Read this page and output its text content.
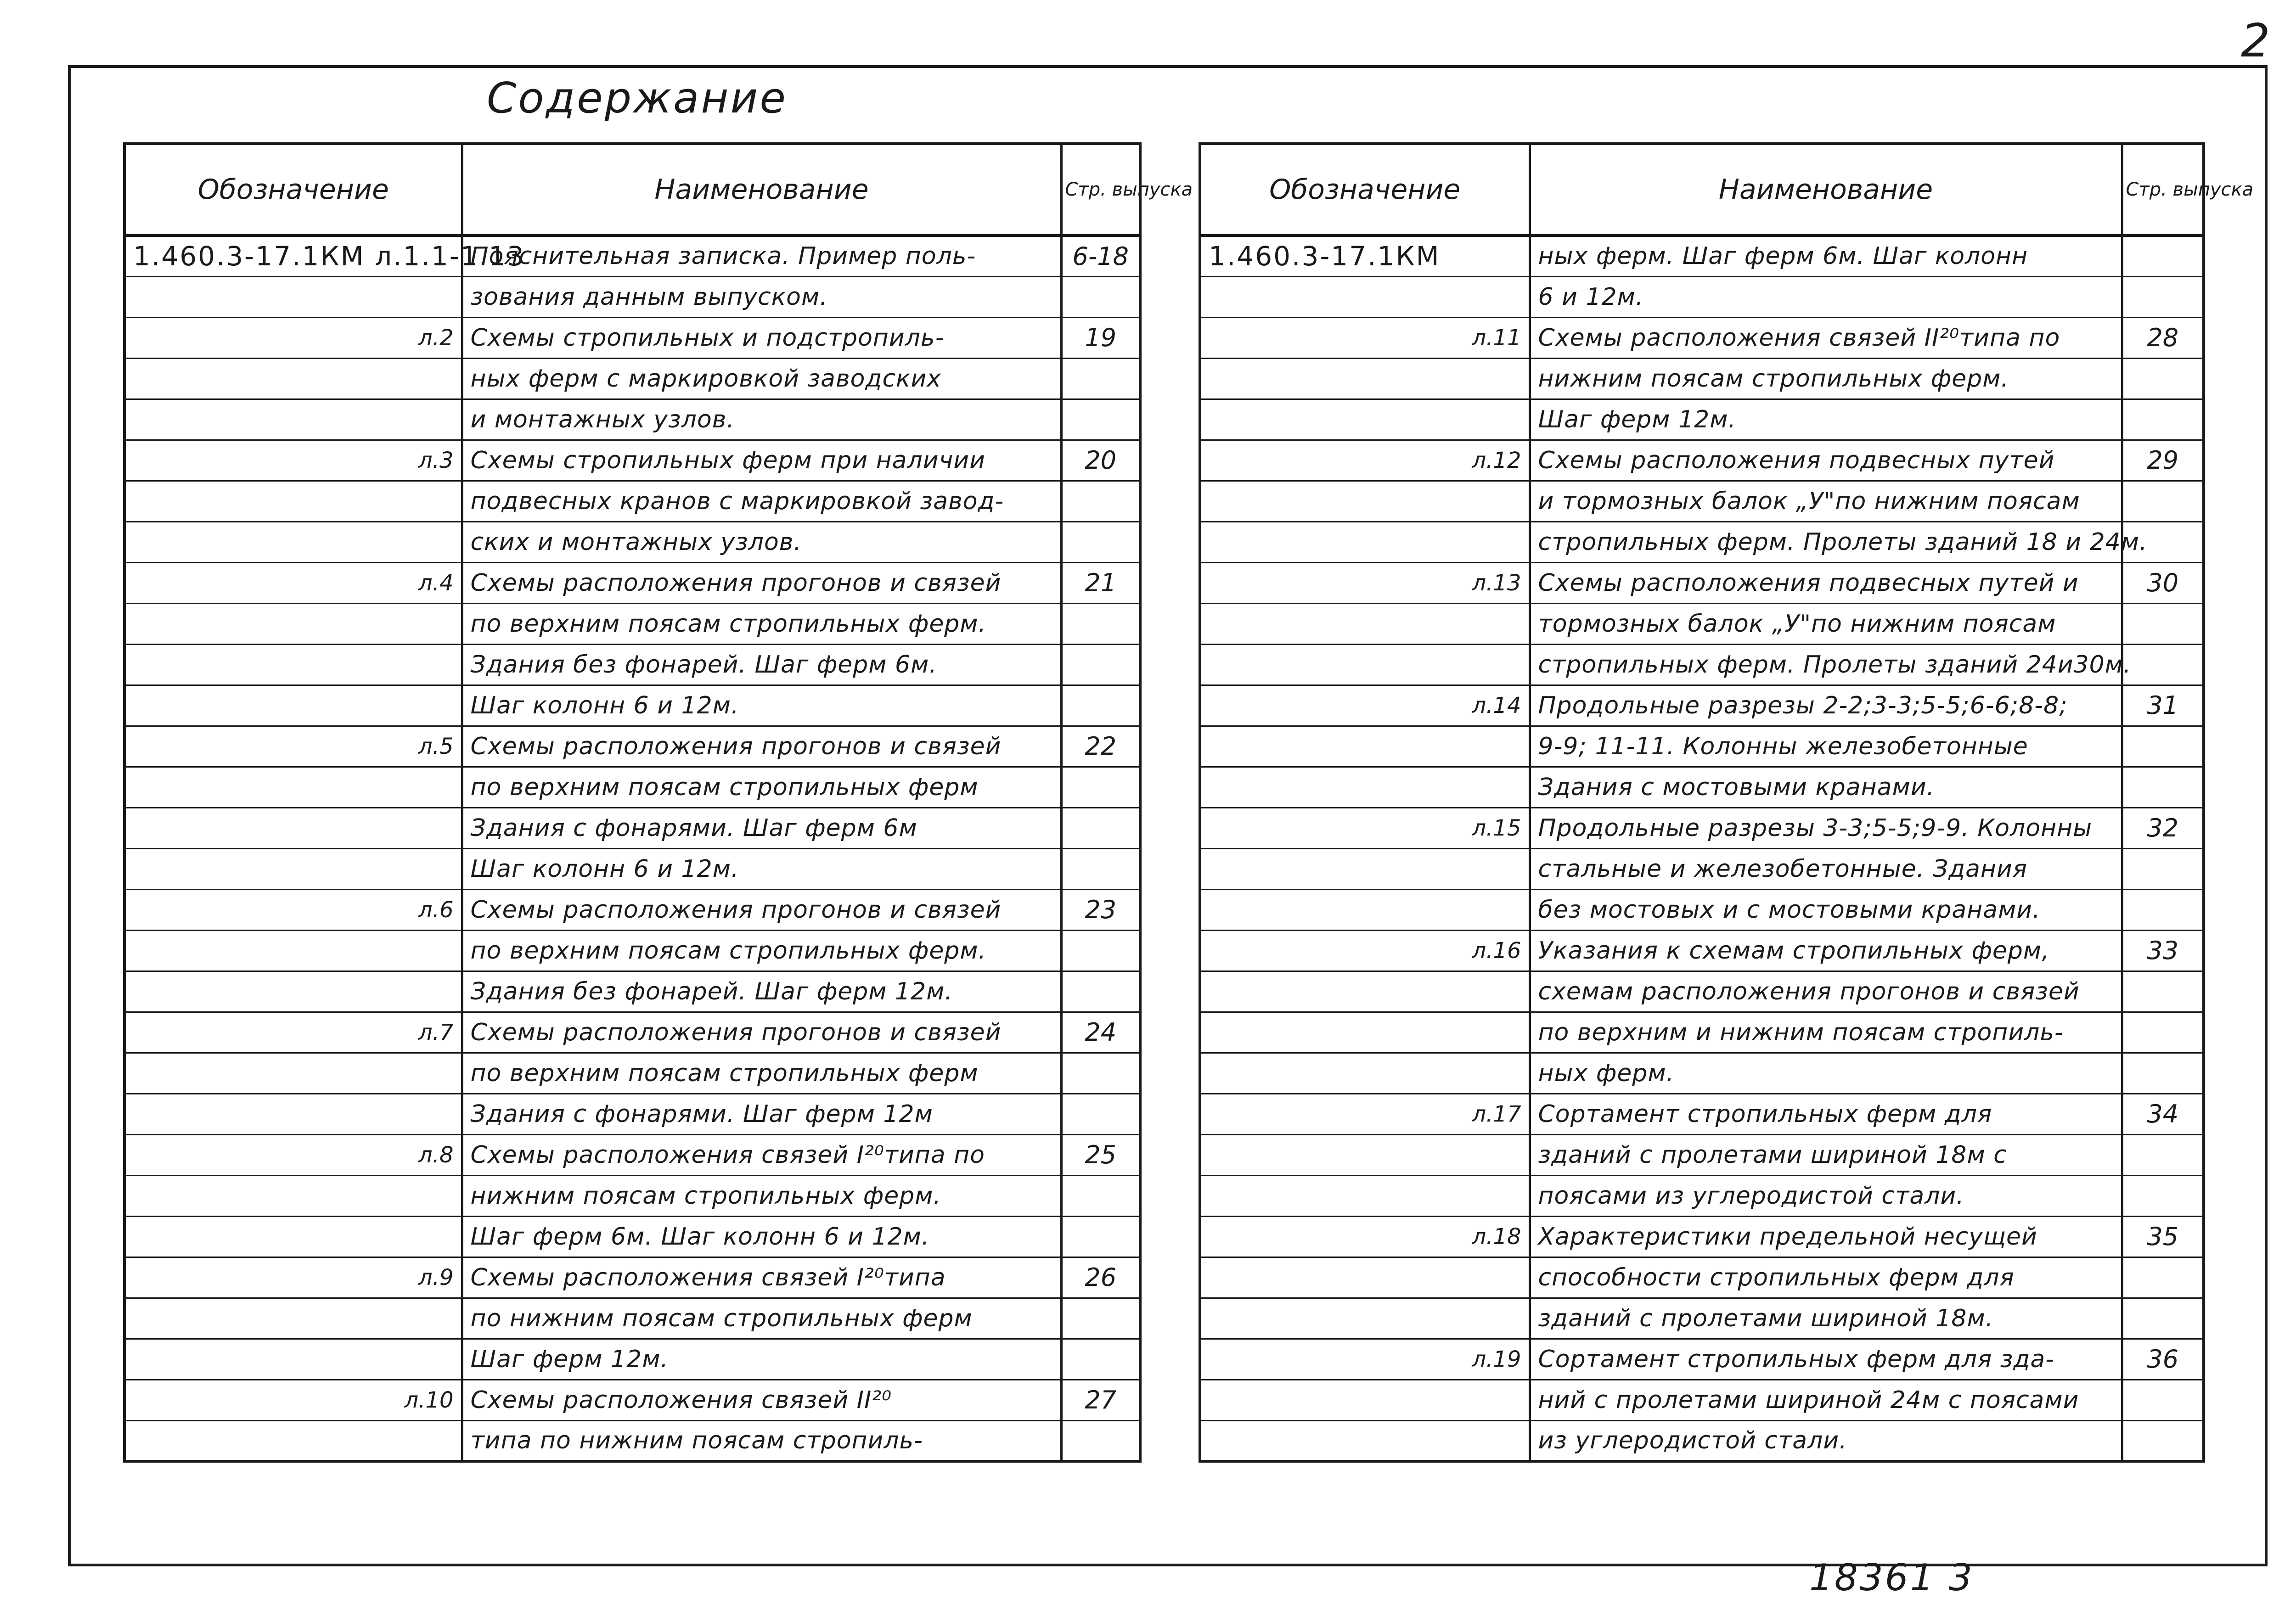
2
Содержание
Обозначение	Наименование	Стр. выпуска
1.460.3-17.1КМ л.1.1-1.13	Пояснительная записка. Пример поль-	6-18
	зования данным выпуском.	
л.2	Схемы стропильных и подстропиль-	19
	ных ферм с маркировкой заводских	
	и монтажных узлов.	
л.3	Схемы стропильных ферм при наличии	20
	подвесных кранов с маркировкой завод-	
	ских и монтажных узлов.	
л.4	Схемы расположения прогонов и связей	21
	по верхним поясам стропильных ферм.	
	Здания без фонарей. Шаг ферм 6м.	
	Шаг колонн 6 и 12м.	
л.5	Схемы расположения прогонов и связей	22
	по верхним поясам стропильных ферм	
	Здания с фонарями. Шаг ферм 6м	
	Шаг колонн 6 и 12м.	
л.6	Схемы расположения прогонов и связей	23
	по верхним поясам стропильных ферм.	
	Здания без фонарей. Шаг ферм 12м.	
л.7	Схемы расположения прогонов и связей	24
	по верхним поясам стропильных ферм	
	Здания с фонарями. Шаг ферм 12м	
л.8	Схемы расположения связей I²⁰типа по	25
	нижним поясам стропильных ферм.	
	Шаг ферм 6м. Шаг колонн 6 и 12м.	
л.9	Схемы расположения связей I²⁰типа	26
	по нижним поясам стропильных ферм	
	Шаг ферм 12м.	
л.10	Схемы расположения связей II²⁰	27
	типа по нижним поясам стропиль-	
Обозначение	Наименование	Стр. выпуска
1.460.3-17.1КМ	ных ферм. Шаг ферм 6м. Шаг колонн	
	6 и 12м.	
л.11	Схемы расположения связей II²⁰типа по	28
	нижним поясам стропильных ферм.	
	Шаг ферм 12м.	
л.12	Схемы расположения подвесных путей	29
	и тормозных балок „У"по нижним поясам	
	стропильных ферм. Пролеты зданий 18 и 24м.	
л.13	Схемы расположения подвесных путей и	30
	тормозных балок „У"по нижним поясам	
	стропильных ферм. Пролеты зданий 24и30м.	
л.14	Продольные разрезы 2-2;3-3;5-5;6-6;8-8;	31
	9-9; 11-11. Колонны железобетонные	
	Здания с мостовыми кранами.	
л.15	Продольные разрезы 3-3;5-5;9-9. Колонны	32
	стальные и железобетонные. Здания	
	без мостовых и с мостовыми кранами.	
л.16	Указания к схемам стропильных ферм,	33
	схемам расположения прогонов и связей	
	по верхним и нижним поясам стропиль-	
	ных ферм.	
л.17	Сортамент стропильных ферм для	34
	зданий с пролетами шириной 18м с	
	поясами из углеродистой стали.	
л.18	Характеристики предельной несущей	35
	способности стропильных ферм для	
	зданий с пролетами шириной 18м.	
л.19	Сортамент стропильных ферм для зда-	36
	ний с пролетами шириной 24м с поясами	
	из углеродистой стали.	
18361 3
